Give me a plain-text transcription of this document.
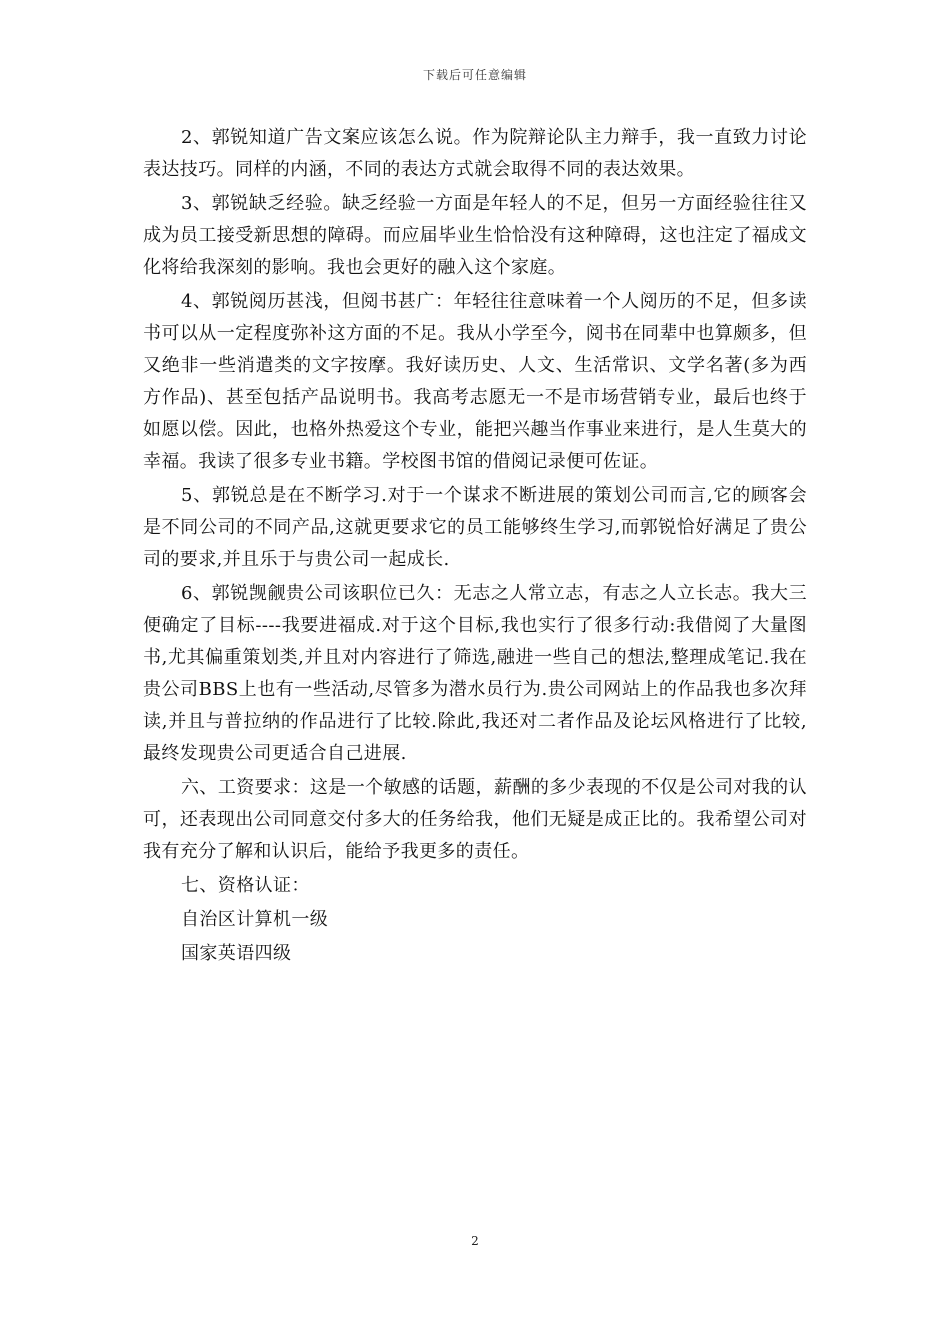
下载后可任意编辑

2、郭锐知道广告文案应该怎么说。作为院辩论队主力辩手，我一直致力讨论表达技巧。同样的内涵，不同的表达方式就会取得不同的表达效果。

3、郭锐缺乏经验。缺乏经验一方面是年轻人的不足，但另一方面经验往往又成为员工接受新思想的障碍。而应届毕业生恰恰没有这种障碍，这也注定了福成文化将给我深刻的影响。我也会更好的融入这个家庭。

4、郭锐阅历甚浅，但阅书甚广：年轻往往意味着一个人阅历的不足，但多读书可以从一定程度弥补这方面的不足。我从小学至今，阅书在同辈中也算颇多，但又绝非一些消遣类的文字按摩。我好读历史、人文、生活常识、文学名著(多为西方作品)、甚至包括产品说明书。我高考志愿无一不是市场营销专业，最后也终于如愿以偿。因此，也格外热爱这个专业，能把兴趣当作事业来进行，是人生莫大的幸福。我读了很多专业书籍。学校图书馆的借阅记录便可佐证。

5、郭锐总是在不断学习.对于一个谋求不断进展的策划公司而言,它的顾客会是不同公司的不同产品,这就更要求它的员工能够终生学习,而郭锐恰好满足了贵公司的要求,并且乐于与贵公司一起成长.

6、郭锐觊觎贵公司该职位已久：无志之人常立志，有志之人立长志。我大三便确定了目标----我要进福成.对于这个目标,我也实行了很多行动:我借阅了大量图书,尤其偏重策划类,并且对内容进行了筛选,融进一些自己的想法,整理成笔记.我在贵公司BBS上也有一些活动,尽管多为潜水员行为.贵公司网站上的作品我也多次拜读,并且与普拉纳的作品进行了比较.除此,我还对二者作品及论坛风格进行了比较,最终发现贵公司更适合自己进展.

六、工资要求：这是一个敏感的话题，薪酬的多少表现的不仅是公司对我的认可，还表现出公司同意交付多大的任务给我，他们无疑是成正比的。我希望公司对我有充分了解和认识后，能给予我更多的责任。

七、资格认证：

自治区计算机一级

国家英语四级

2
